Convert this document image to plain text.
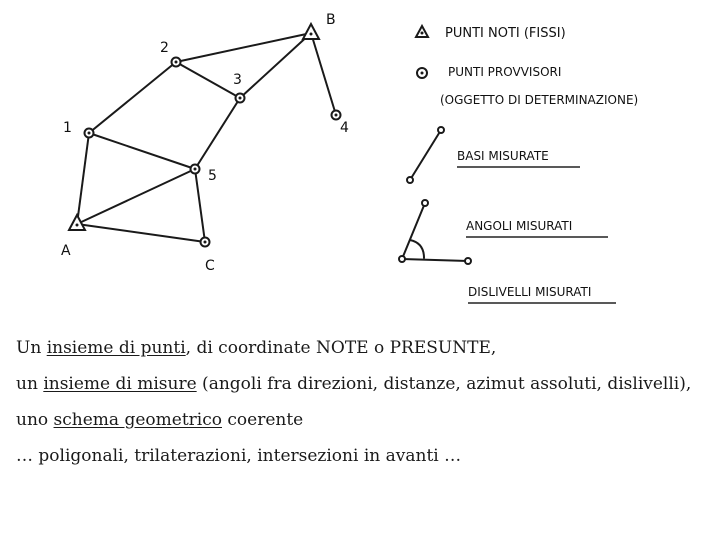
A
B
1
2
3
4
5
C
PUNTI NOTI (FISSI)
PUNTI PROVVISORI
(OGGETTO DI DETERMINAZIONE)
BASI MISURATE
ANGOLI MISURATI
DISLIVELLI MISURATI

Un insieme di punti, di coordinate NOTE o PRESUNTE,

un insieme di misure (angoli fra direzioni, distanze, azimut assoluti, dislivelli),

uno schema geometrico coerente

… poligonali, trilaterazioni, intersezioni in avanti …
